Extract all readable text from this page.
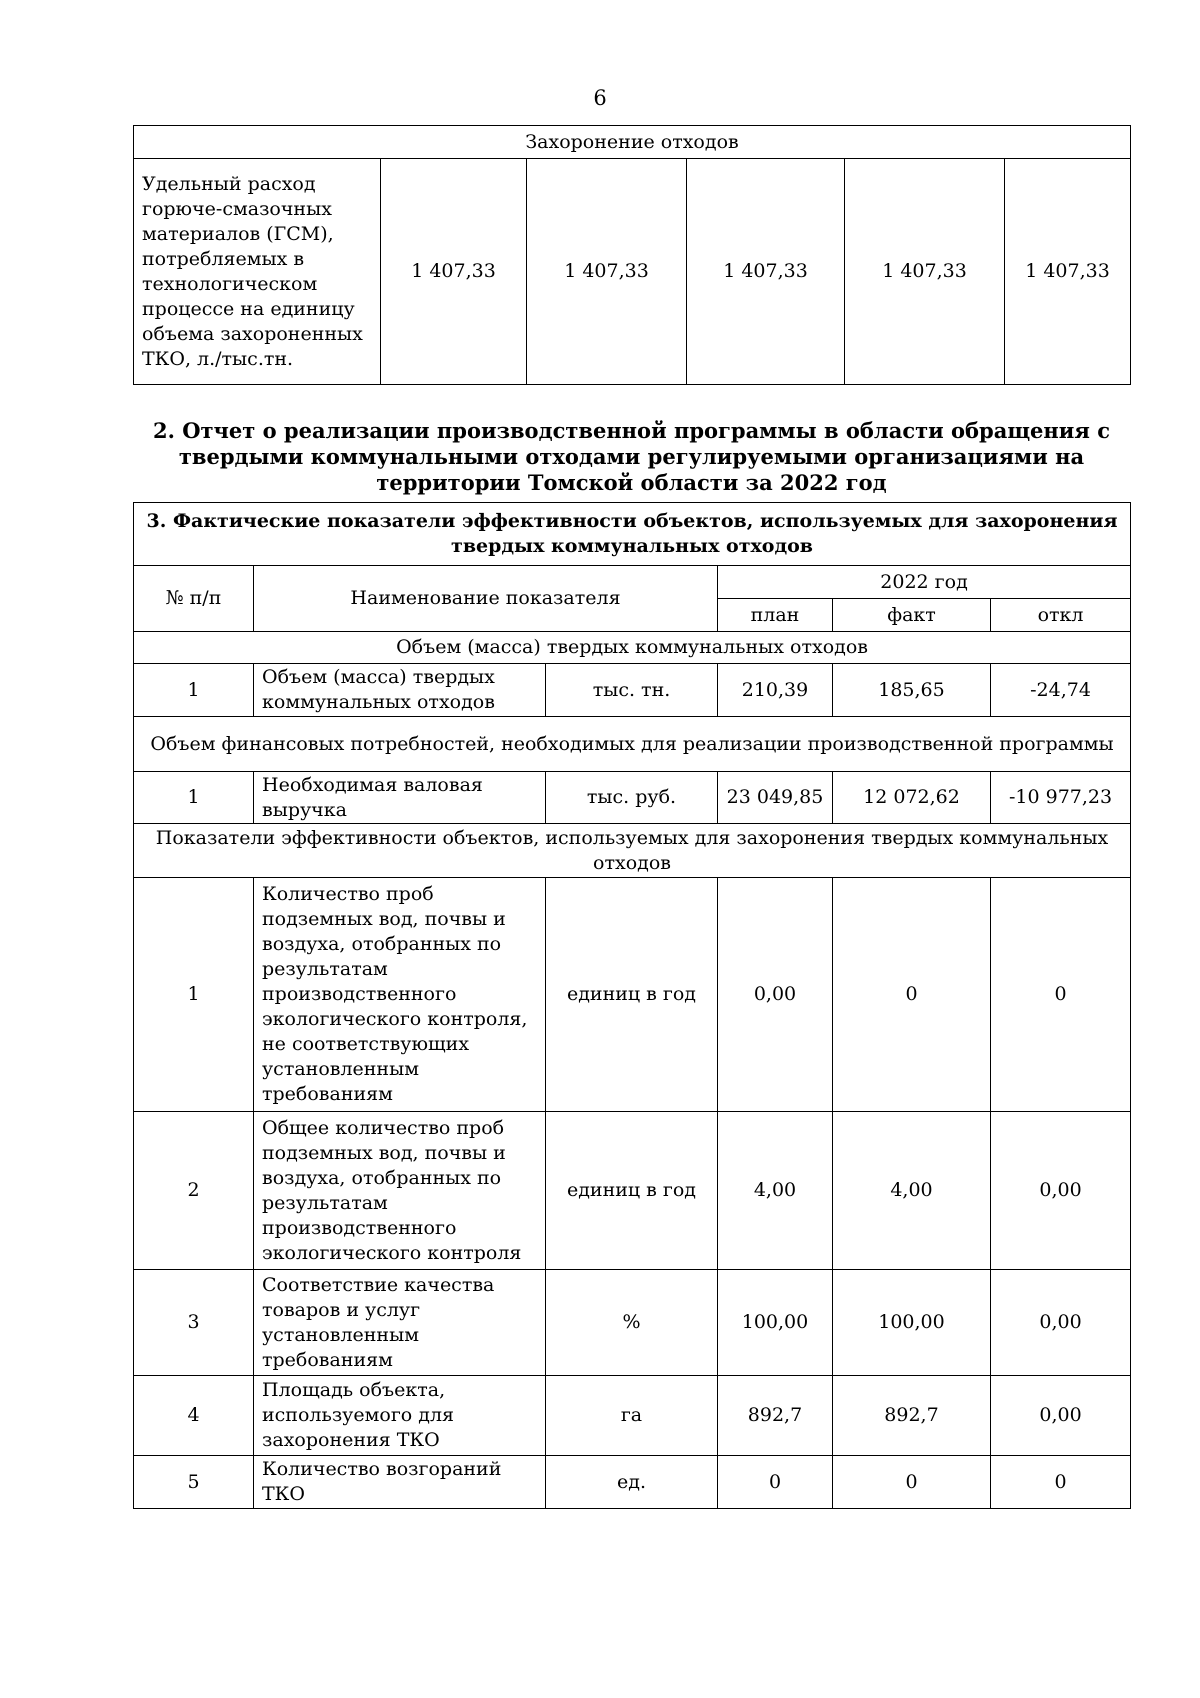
6
Захоронение отходов
Удельный расход горюче-смазочных материалов (ГСМ), потребляемых в технологическом процессе на единицу объема захороненных ТКО, л./тыс.тн.	1 407,33	1 407,33	1 407,33	1 407,33	1 407,33
2. Отчет о реализации производственной программы в области обращения с твердыми коммунальными отходами регулируемыми организациями на территории Томской области за 2022 год
3. Фактические показатели эффективности объектов, используемых для захоронения твердых коммунальных отходов					
№ п/п	Наименование показателя		2022 год		
			план	факт	откл
Объем (масса) твердых коммунальных отходов					
1	Объем (масса) твердых коммунальных отходов	тыс. тн.	210,39	185,65	-24,74
Объем финансовых потребностей, необходимых для реализации производственной программы					
1	Необходимая валовая выручка	тыс. руб.	23 049,85	12 072,62	-10 977,23
Показатели эффективности объектов, используемых для захоронения твердых коммунальных отходов					
1	Количество проб подземных вод, почвы и воздуха, отобранных по результатам производственного экологического контроля, не соответствующих установленным требованиям	единиц в год	0,00	0	0
2	Общее количество проб подземных вод, почвы и воздуха, отобранных по результатам производственного экологического контроля	единиц в год	4,00	4,00	0,00
3	Соответствие качества товаров и услуг установленным требованиям	%	100,00	100,00	0,00
4	Площадь объекта, используемого для захоронения ТКО	га	892,7	892,7	0,00
5	Количество возгораний ТКО	ед.	0	0	0
